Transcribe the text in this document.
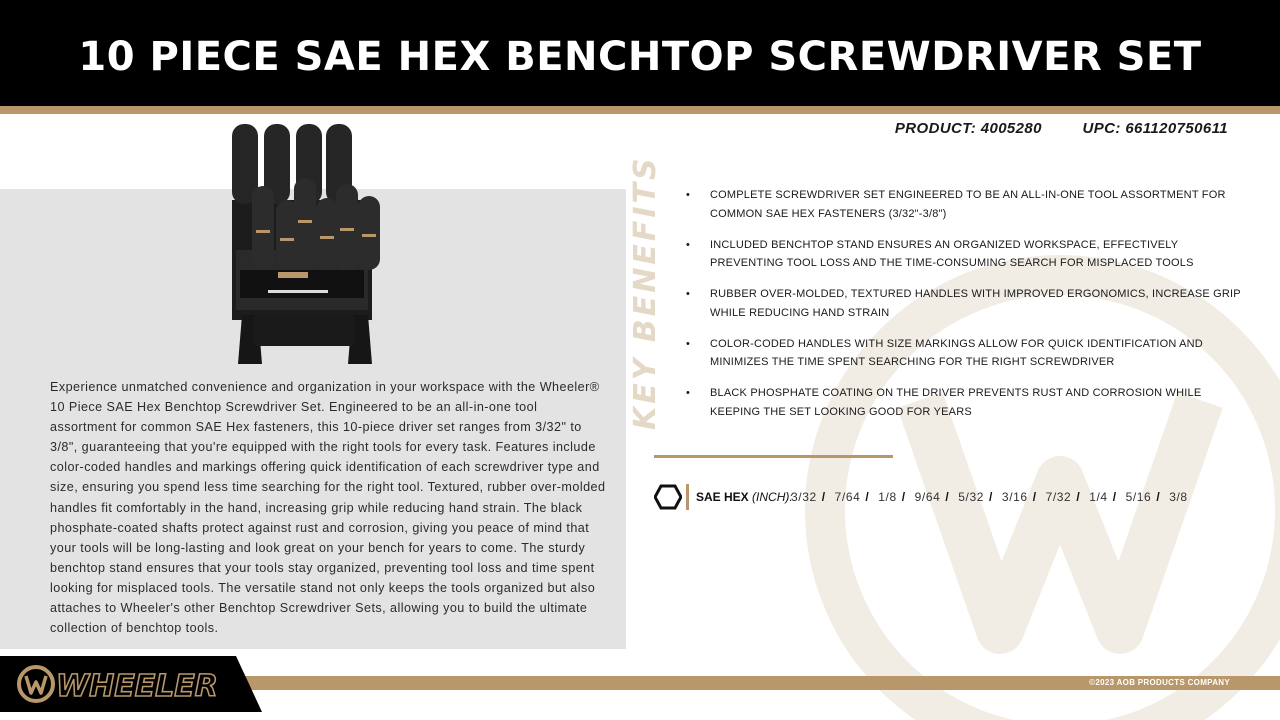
10 PIECE SAE HEX BENCHTOP SCREWDRIVER SET
Experience unmatched convenience and organization in your workspace with the Wheeler® 10 Piece SAE Hex Benchtop Screwdriver Set. Engineered to be an all-in-one tool assortment for common SAE Hex fasteners, this 10-piece driver set ranges from 3/32" to 3/8", guaranteeing that you're equipped with the right tools for every task. Features include color-coded handles and markings offering quick identification of each screwdriver type and size, ensuring you spend less time searching for the right tool. Textured, rubber over-molded handles fit comfortably in the hand, increasing grip while reducing hand strain. The black phosphate-coated shafts protect against rust and corrosion, giving you peace of mind that your tools will be long-lasting and look great on your bench for years to come. The sturdy benchtop stand ensures that your tools stay organized, preventing tool loss and time spent looking for misplaced tools. The versatile stand not only keeps the tools organized but also attaches to Wheeler's other Benchtop Screwdriver Sets, allowing you to build the ultimate collection of benchtop tools.
PRODUCT: 4005280	UPC: 661120750611
KEY BENEFITS • COMPLETE SCREWDRIVER SET ENGINEERED TO BE AN ALL-IN-ONE TOOL ASSORTMENT FOR COMMON SAE HEX FASTENERS (3/32"-3/8")
• INCLUDED BENCHTOP STAND ENSURES AN ORGANIZED WORKSPACE, EFFECTIVELY PREVENTING TOOL LOSS AND THE TIME-CONSUMING SEARCH FOR MISPLACED TOOLS
• RUBBER OVER-MOLDED, TEXTURED HANDLES WITH IMPROVED ERGONOMICS, INCREASE GRIP WHILE REDUCING HAND STRAIN
• COLOR-CODED HANDLES WITH SIZE MARKINGS ALLOW FOR QUICK IDENTIFICATION AND MINIMIZES THE TIME SPENT SEARCHING FOR THE RIGHT SCREWDRIVER
• BLACK PHOSPHATE COATING ON THE DRIVER PREVENTS RUST AND CORROSION WHILE KEEPING THE SET LOOKING GOOD FOR YEARS
SAE HEX (INCH):
3/32 / 7/64 / 1/8 / 9/64 / 5/32 / 3/16 / 7/32 / 1/4 / 5/16 / 3/8
WHEELER	©2023 AOB PRODUCTS COMPANY
